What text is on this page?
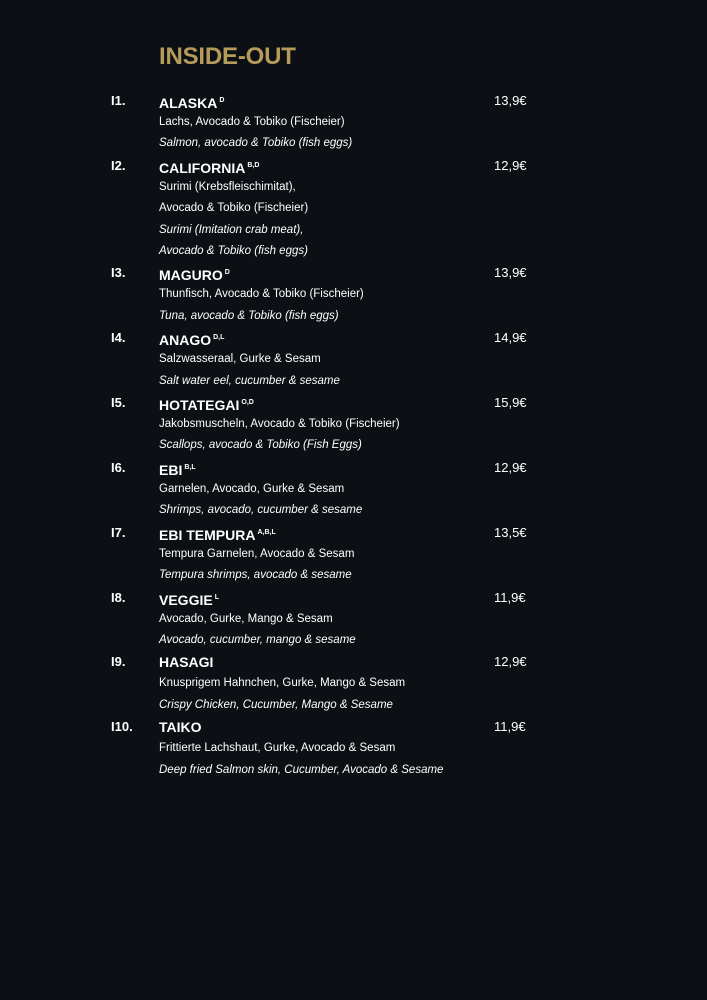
INSIDE-OUT
I1. ALASKA $^D$	13,9€
Lachs, Avocado & Tobiko (Fischeier)
Salmon, avocado & Tobiko (fish eggs)
I2. CALIFORNIA $^{B,D}$	12,9€
Surimi (Krebsfleischimitat),
Avocado & Tobiko (Fischeier)
Surimi (Imitation crab meat),
Avocado & Tobiko (fish eggs)
I3. MAGURO $^D$	13,9€
Thunfisch, Avocado & Tobiko (Fischeier)
Tuna, avocado & Tobiko (fish eggs)
I4. ANAGO $^{D,L}$	14,9€
Salzwasseraal, Gurke & Sesam
Salt water eel, cucumber & sesame
I5. HOTATEGAI $^{O,D}$	15,9€
Jakobsmuscheln, Avocado & Tobiko (Fischeier)
Scallops, avocado & Tobiko (Fish Eggs)
I6. EBI $^{B,L}$	12,9€
Garnelen, Avocado, Gurke & Sesam
Shrimps, avocado, cucumber & sesame
I7. EBI TEMPURA $^{A,B,L}$	13,5€
Tempura Garnelen, Avocado & Sesam
Tempura shrimps, avocado & sesame
I8. VEGGIE $^L$	11,9€
Avocado, Gurke, Mango & Sesam
Avocado, cucumber, mango & sesame
I9. HASAGI	12,9€
Knusprigem Hahnchen, Gurke, Mango & Sesam
Crispy Chicken, Cucumber, Mango & Sesame
I10. TAIKO	11,9€
Frittierte Lachshaut, Gurke, Avocado & Sesam
Deep fried Salmon skin, Cucumber, Avocado & Sesame
